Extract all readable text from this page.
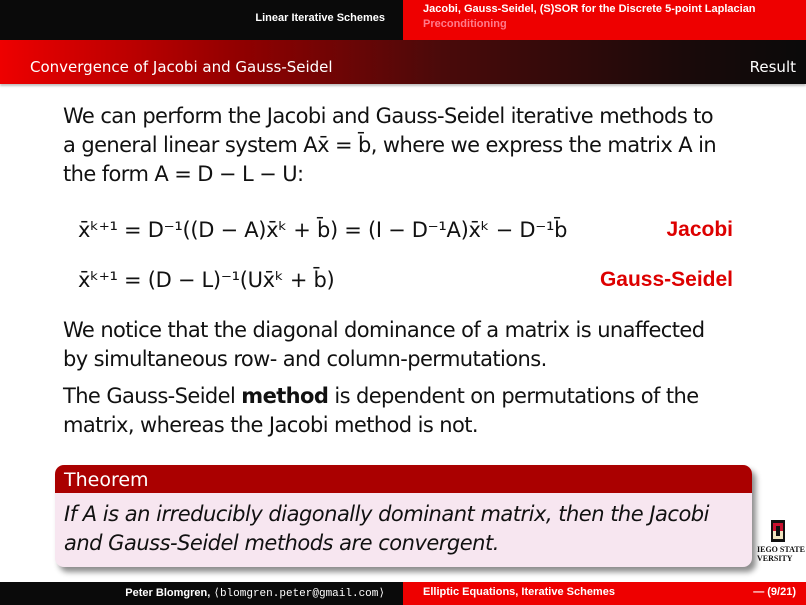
Linear Iterative Schemes
Jacobi, Gauss-Seidel, (S)SOR for the Discrete 5-point Laplacian
Preconditioning
Convergence of Jacobi and Gauss-Seidel	Result

We can perform the Jacobi and Gauss-Seidel iterative methods to

a general linear system Ax̄ = b̄, where we express the matrix A in

the form A = D − L − U:

x̄ᵏ⁺¹ = D⁻¹((D − A)x̄ᵏ + b̄) = (I − D⁻¹A)x̄ᵏ − D⁻¹b̄	Jacobi
x̄ᵏ⁺¹ = (D − L)⁻¹(Ux̄ᵏ + b̄)	Gauss-Seidel
We notice that the diagonal dominance of a matrix is unaffected
by simultaneous row- and column-permutations.
The Gauss-Seidel method is dependent on permutations of the
matrix, whereas the Jacobi method is not.
Theorem
If A is an irreducibly diagonally dominant matrix, then the Jacobi
and Gauss-Seidel methods are convergent.	IEGO STATE
VERSITY
Peter Blomgren, ⟨blomgren.peter@gmail.com⟩	Elliptic Equations, Iterative Schemes	— (9/21)
